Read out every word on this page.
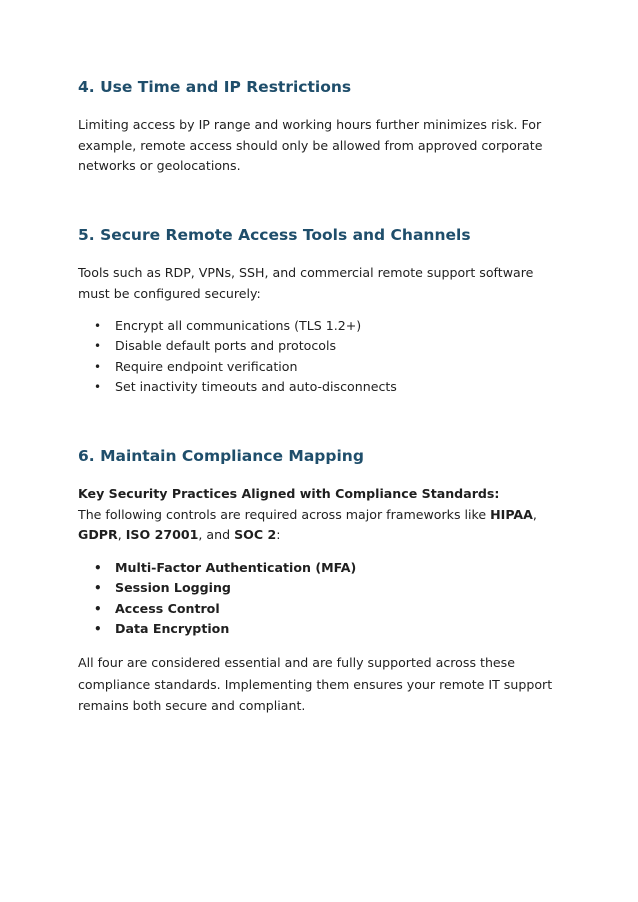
4. Use Time and IP Restrictions

Limiting access by IP range and working hours further minimizes risk. For example, remote access should only be allowed from approved corporate networks or geolocations.

5. Secure Remote Access Tools and Channels

Tools such as RDP, VPNs, SSH, and commercial remote support software must be configured securely:

• Encrypt all communications (TLS 1.2+)
• Disable default ports and protocols
• Require endpoint verification
• Set inactivity timeouts and auto-disconnects
6. Maintain Compliance Mapping

Key Security Practices Aligned with Compliance Standards:
The following controls are required across major frameworks like HIPAA,
GDPR, ISO 27001, and SOC 2:

• Multi-Factor Authentication (MFA)
• Session Logging
• Access Control
• Data Encryption

All four are considered essential and are fully supported across these compliance standards. Implementing them ensures your remote IT support remains both secure and compliant.
